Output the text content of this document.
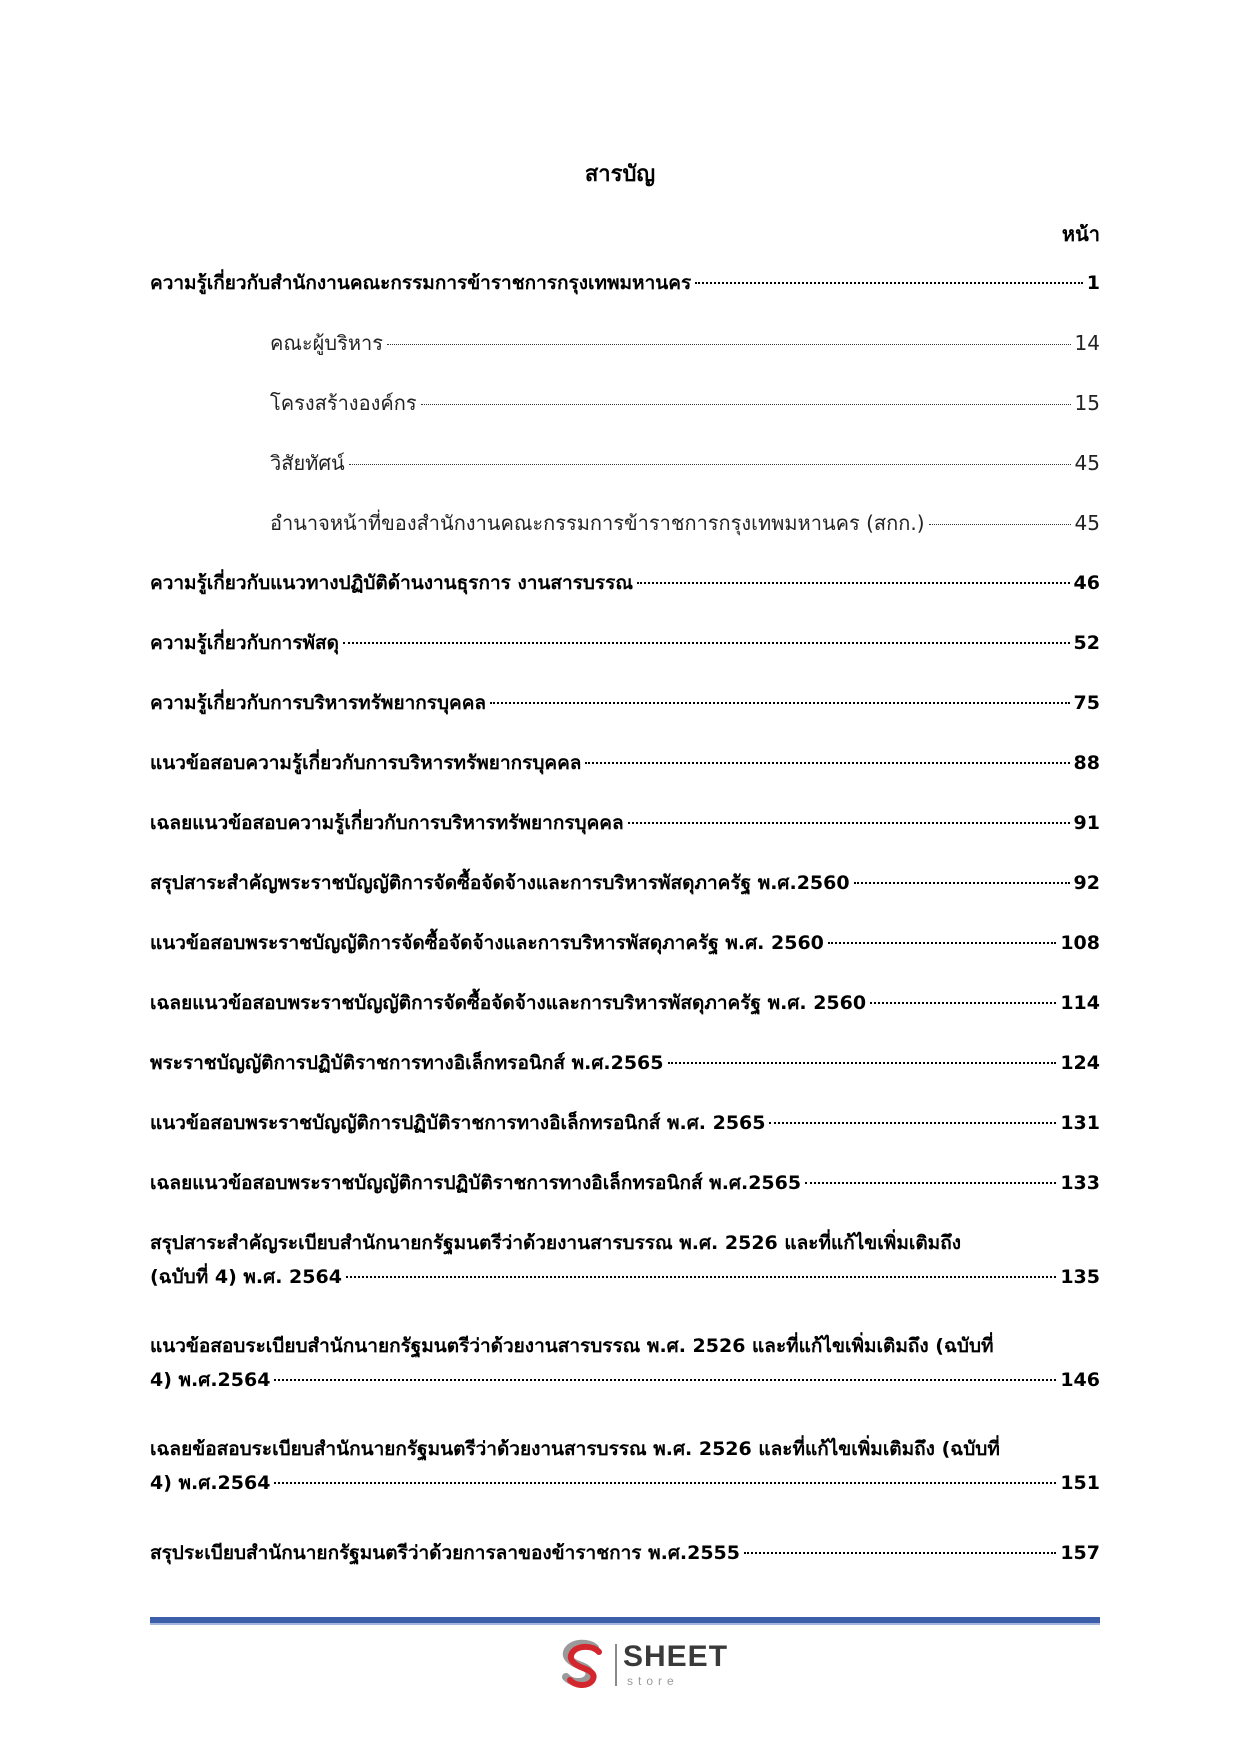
สารบัญ
หน้า
ความรู้เกี่ยวกับสำนักงานคณะกรรมการข้าราชการกรุงเทพมหานคร	1
คณะผู้บริหาร	14
โครงสร้างองค์กร	15
วิสัยทัศน์	45
อำนาจหน้าที่ของสำนักงานคณะกรรมการข้าราชการกรุงเทพมหานคร (สกก.)	45
ความรู้เกี่ยวกับแนวทางปฏิบัติด้านงานธุรการ งานสารบรรณ	46
ความรู้เกี่ยวกับการพัสดุ	52
ความรู้เกี่ยวกับการบริหารทรัพยากรบุคคล	75
แนวข้อสอบความรู้เกี่ยวกับการบริหารทรัพยากรบุคคล	88
เฉลยแนวข้อสอบความรู้เกี่ยวกับการบริหารทรัพยากรบุคคล	91
สรุปสาระสำคัญพระราชบัญญัติการจัดซื้อจัดจ้างและการบริหารพัสดุภาครัฐ พ.ศ.2560	92
แนวข้อสอบพระราชบัญญัติการจัดซื้อจัดจ้างและการบริหารพัสดุภาครัฐ พ.ศ. 2560	108
เฉลยแนวข้อสอบพระราชบัญญัติการจัดซื้อจัดจ้างและการบริหารพัสดุภาครัฐ พ.ศ. 2560	114
พระราชบัญญัติการปฏิบัติราชการทางอิเล็กทรอนิกส์ พ.ศ.2565	124
แนวข้อสอบพระราชบัญญัติการปฏิบัติราชการทางอิเล็กทรอนิกส์ พ.ศ. 2565	131
เฉลยแนวข้อสอบพระราชบัญญัติการปฏิบัติราชการทางอิเล็กทรอนิกส์ พ.ศ.2565	133
สรุปสาระสำคัญระเบียบสำนักนายกรัฐมนตรีว่าด้วยงานสารบรรณ พ.ศ. 2526 และที่แก้ไขเพิ่มเติมถึง
(ฉบับที่ 4) พ.ศ. 2564	135
แนวข้อสอบระเบียบสำนักนายกรัฐมนตรีว่าด้วยงานสารบรรณ พ.ศ. 2526 และที่แก้ไขเพิ่มเติมถึง (ฉบับที่
4) พ.ศ.2564	146
เฉลยข้อสอบระเบียบสำนักนายกรัฐมนตรีว่าด้วยงานสารบรรณ พ.ศ. 2526 และที่แก้ไขเพิ่มเติมถึง (ฉบับที่
4) พ.ศ.2564	151
สรุประเบียบสำนักนายกรัฐมนตรีว่าด้วยการลาของข้าราชการ พ.ศ.2555	157
SHEET
store
